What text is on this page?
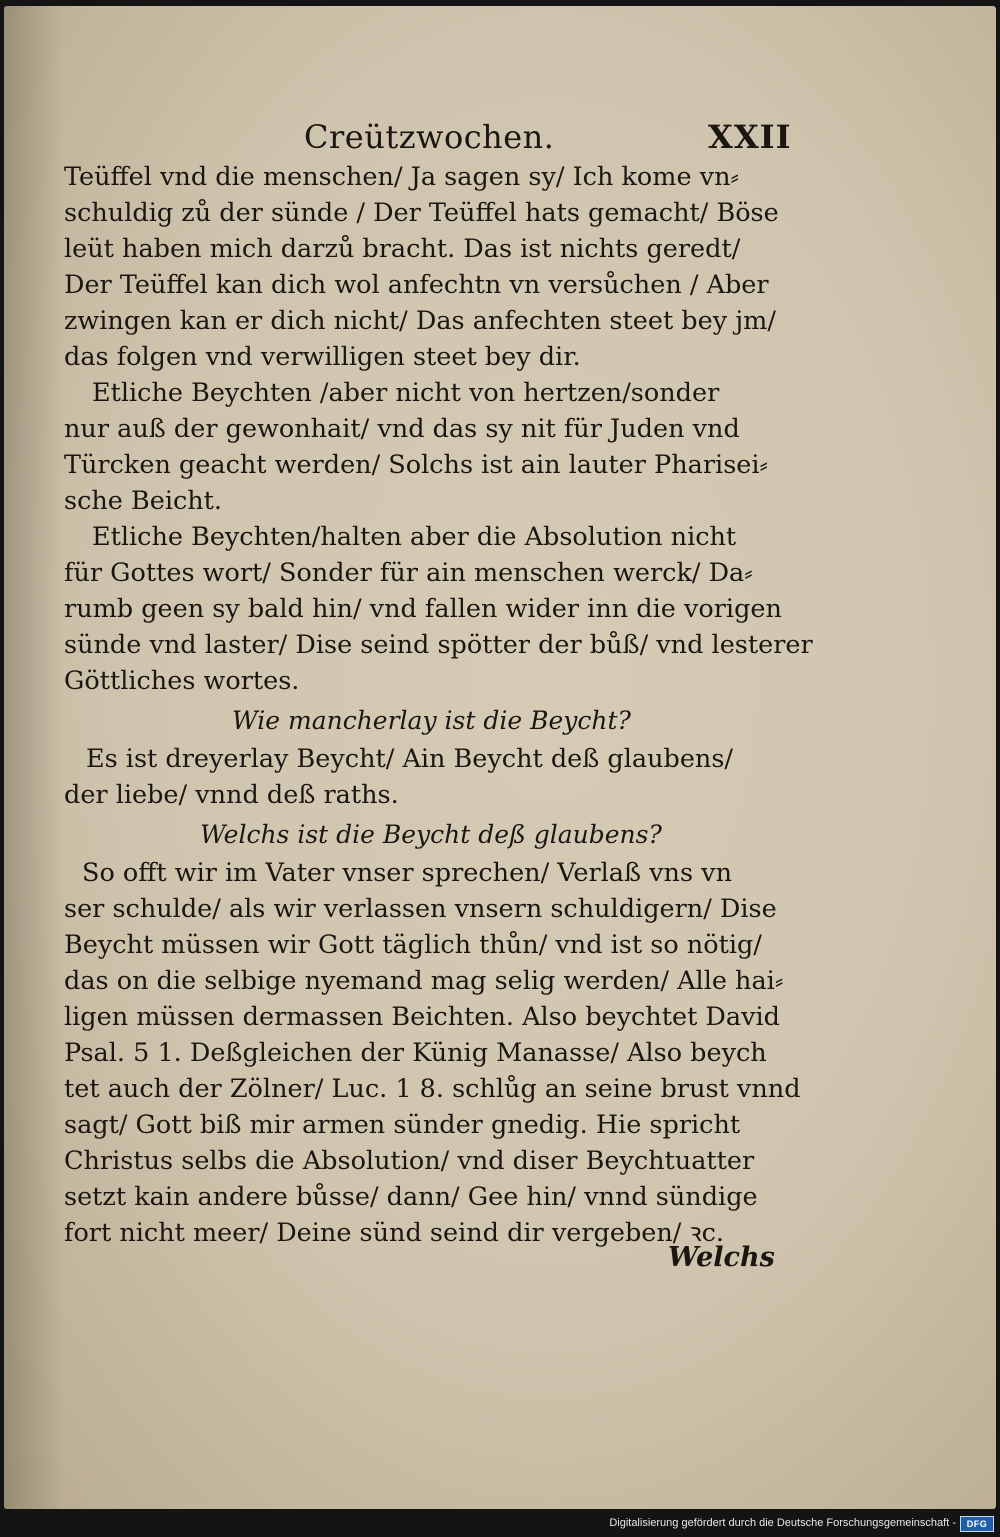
Creützwochen.	XXII
Teüffel vnd die menschen/ Ja sagen sy/ Ich kome vn⸗
schuldig zů der sünde / Der Teüffel hats gemacht/ Böse
leüt haben mich darzů bracht. Das ist nichts geredt/
Der Teüffel kan dich wol anfechtn vn versůchen / Aber
zwingen kan er dich nicht/ Das anfechten steet bey jm/
das folgen vnd verwilligen steet bey dir.
Etliche Beychten /aber nicht von hertzen/sonder
nur auß der gewonhait/ vnd das sy nit für Juden vnd
Türcken geacht werden/ Solchs ist ain lauter Pharisei⸗
sche Beicht.
Etliche Beychten/halten aber die Absolution nicht
für Gottes wort/ Sonder für ain menschen werck/ Da⸗
rumb geen sy bald hin/ vnd fallen wider inn die vorigen
sünde vnd laster/ Dise seind spötter der bůß/ vnd lesterer
Göttliches wortes.
Wie mancherlay ist die Beycht?
Es ist dreyerlay Beycht/ Ain Beycht deß glaubens/
der liebe/ vnnd deß raths.
Welchs ist die Beycht deß glaubens?
So offt wir im Vater vnser sprechen/ Verlaß vns vn
ser schulde/ als wir verlassen vnsern schuldigern/ Dise
Beycht müssen wir Gott täglich thůn/ vnd ist so nötig/
das on die selbige nyemand mag selig werden/ Alle hai⸗
ligen müssen dermassen Beichten. Also beychtet David
Psal. 5 1. Deßgleichen der Künig Manasse/ Also beych
tet auch der Zölner/ Luc. 1 8. schlůg an seine brust vnnd
sagt/ Gott biß mir armen sünder gnedig. Hie spricht
Christus selbs die Absolution/ vnd diser Beychtuatter
setzt kain andere bůsse/ dann/ Gee hin/ vnnd sündige
fort nicht meer/ Deine sünd seind dir vergeben/ ꝛc.
Welchs
Digitalisierung gefördert durch die Deutsche Forschungsgemeinschaft -	DFG
